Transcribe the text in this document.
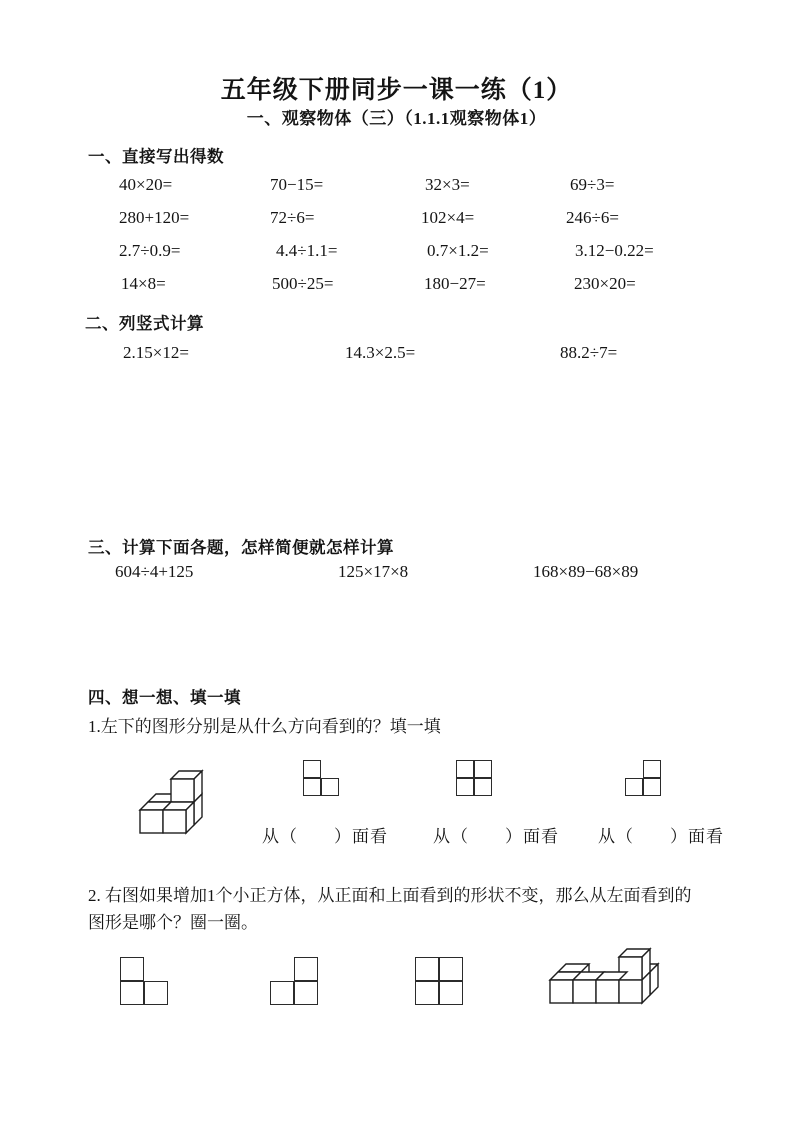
五年级下册同步一课一练（1）
一、观察物体（三）（1.1.1观察物体1）
一、直接写出得数
40×20=	70−15=	32×3=	69÷3=
280+120=	72÷6=	102×4=	246÷6=
2.7÷0.9=	4.4÷1.1=	0.7×1.2=	3.12−0.22=
14×8=	500÷25=	180−27=	230×20=
二、列竖式计算
2.15×12=	14.3×2.5=	88.2÷7=
三、计算下面各题，怎样简便就怎样计算
604÷4+125	125×17×8	168×89−68×89
四、想一想、填一填
1.左下的图形分别是从什么方向看到的？填一填
从（　　）面看	从（　　）面看 从（　　）面看
2. 右图如果增加1个小正方体，从正面和上面看到的形状不变，那么从左面看到的
图形是哪个？圈一圈。
